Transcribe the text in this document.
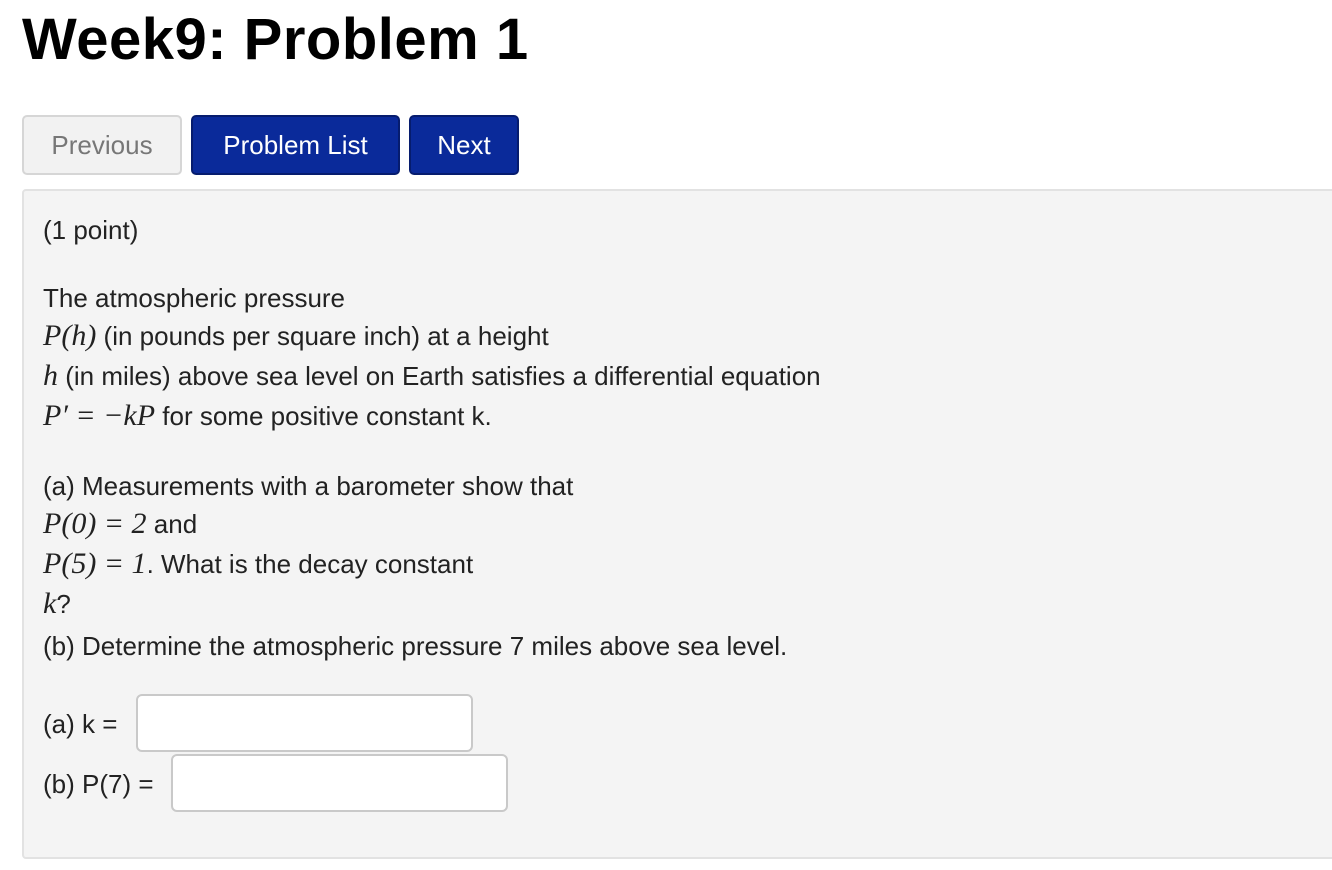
Week9: Problem 1
Previous	Problem List	Next
(1 point)
The atmospheric pressure
P(h) (in pounds per square inch) at a height
h (in miles) above sea level on Earth satisfies a differential equation
P′ = −kP for some positive constant k.
(a) Measurements with a barometer show that
P(0) = 2 and
P(5) = 1. What is the decay constant
k?
(b) Determine the atmospheric pressure 7 miles above sea level.
(a) k =
(b) P(7) =
